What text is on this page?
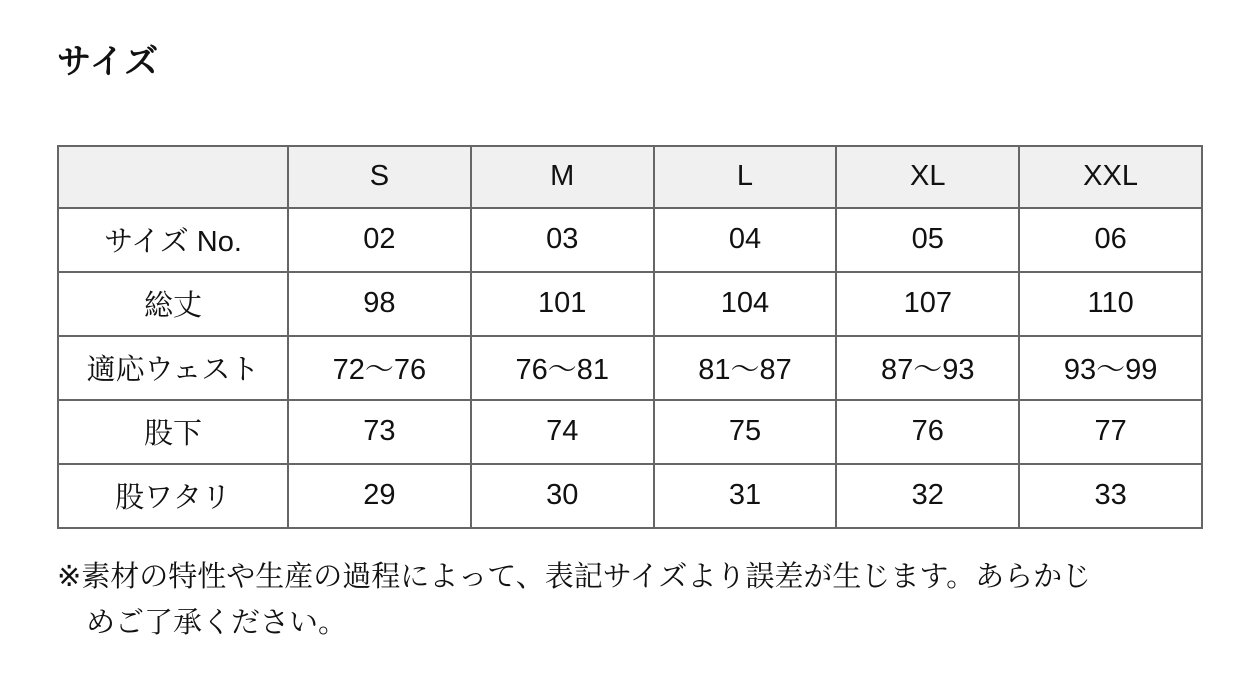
サイズ
	S	M	L	XL	XXL
サイズ No.	02	03	04	05	06
総丈	98	101	104	107	110
適応ウェスト	72〜76	76〜81	81〜87	87〜93	93〜99
股下	73	74	75	76	77
股ワタリ	29	30	31	32	33
※素材の特性や生産の過程によって、表記サイズより誤差が生じます。あらかじ
めご了承ください。
